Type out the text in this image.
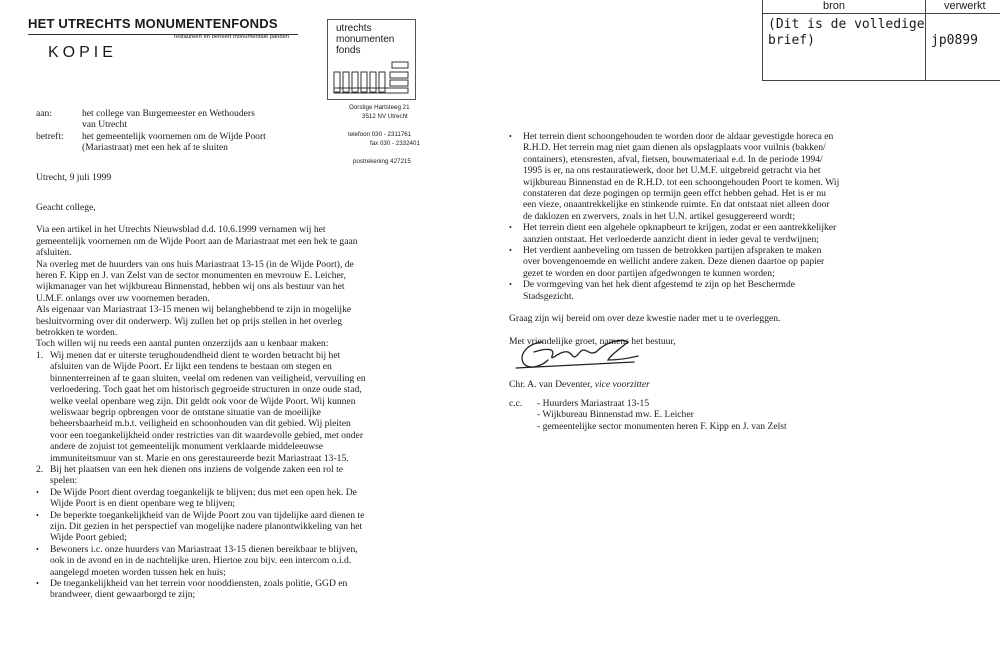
bron	verwerkt
(Dit is de volledige
brief)	jp0899
HET UTRECHTS MONUMENTENFONDS
restaureert en beheert monumentale panden
KOPIE
utrechts
monumenten
fonds
Oorstige Hartsteeg 21
3512 NV Utrecht
telefoon 030 - 2311761
fax 030 - 2332401
postrekening 427215
aan:	het college van Burgemeester en Wethouders
van Utrecht
betreft: het gemeentelijk voornemen om de Wijde Poort
(Mariastraat) met een hek af te sluiten
Utrecht, 9 juli 1999

Geacht college,

Via een artikel in het Utrechts Nieuwsblad d.d. 10.6.1999 vernamen wij het
gemeentelijk voornemen om de Wijde Poort aan de Mariastraat met een hek te gaan
afsluiten.
Na overleg met de huurders van ons huis Mariastraat 13-15 (in de Wijde Poort), de
heren F. Kipp en J. van Zelst van de sector monumenten en mevrouw E. Leicher,
wijkmanager van het wijkbureau Binnenstad, hebben wij ons als bestuur van het
U.M.F. onlangs over uw voornemen beraden.
Als eigenaar van Mariastraat 13-15 menen wij belanghebbend te zijn in mogelijke
besluitvorming over dit onderwerp. Wij zullen het op prijs stellen in het overleg
betrokken te worden.
Toch willen wij nu reeds een aantal punten onzerzijds aan u kenbaar maken:
1. Wij menen dat er uiterste terughoudendheid dient te worden betracht bij het
afsluiten van de Wijde Poort. Er lijkt een tendens te bestaan om stegen en
binnenterreinen af te gaan sluiten, veelal om redenen van veiligheid, vervuiling en
verloedering. Toch gaat het om historisch gegroeide structuren in onze oude stad,
welke veelal openbare weg zijn. Dit geldt ook voor de Wijde Poort. Wij kunnen
weliswaar begrip opbrengen voor de ontstane situatie van de moeilijke
beheersbaarheid m.b.t. veiligheid en schoonhouden van dit gebied. Wij pleiten
voor een toegankelijkheid onder restricties van dit waardevolle gebied, met onder
andere de zojuist tot gemeentelijk monument verklaarde middeleeuwse
immuniteitsmuur van st. Marie en ons gerestaureerde bezit Mariastraat 13-15.
2. Bij het plaatsen van een hek dienen ons inziens de volgende zaken een rol te
spelen:
• De Wijde Poort dient overdag toegankelijk te blijven; dus met een open hek. De
Wijde Poort is en dient openbare weg te blijven;
• De beperkte toegankelijkheid van de Wijde Poort zou van tijdelijke aard dienen te
zijn. Dit gezien in het perspectief van mogelijke nadere planontwikkeling van het
Wijde Poort gebied;
• Bewoners i.c. onze huurders van Mariastraat 13-15 dienen bereikbaar te blijven,
ook in de avond en in de nachtelijke uren. Hiertoe zou bijv. een intercom o.i.d.
aangelegd moeten worden tussen hek en huis;
• De toegankelijkheid van het terrein voor nooddiensten, zoals politie, GGD en
brandweer, dient gewaarborgd te zijn;
• Het terrein dient schoongehouden te worden door de aldaar gevestigde horeca en
R.H.D. Het terrein mag niet gaan dienen als opslagplaats voor vuilnis (bakken/
containers), etensresten, afval, fietsen, bouwmateriaal e.d. In de periode 1994/
1995 is er, na ons restauratiewerk, door het U.M.F. uitgebreid getracht via het
wijkbureau Binnenstad en de R.H.D. tot een schoongehouden Poort te komen. Wij
constateren dat deze pogingen op termijn geen effct hebben gehad. Het is er nu
een vieze, onaantrekkelijke en stinkende ruimte. En dat ontstaat niet alleen door
de daklozen en zwervers, zoals in het U.N. artikel gesuggereerd wordt;
• Het terrein dient een algehele opknapbeurt te krijgen, zodat er een aantrekkelijker
aanzien ontstaat. Het verloederde aanzicht dient in ieder geval te verdwijnen;
• Het verdient aanbeveling om tussen de betrokken partijen afspraken te maken
over bovengenoemde en wellicht andere zaken. Deze dienen daartoe op papier
gezet te worden en door partijen afgedwongen te kunnen worden;
• De vormgeving van het hek dient afgestemd te zijn op het Beschermde
Stadsgezicht.

Graag zijn wij bereid om over deze kwestie nader met u te overleggen.

Met vriendelijke groet, namens het bestuur,

Chr. A. van Deventer, vice voorzitter
c.c. - Huurders Mariastraat 13-15
- Wijkbureau Binnenstad mw. E. Leicher
- gemeentelijke sector monumenten heren F. Kipp en J. van Zelst
